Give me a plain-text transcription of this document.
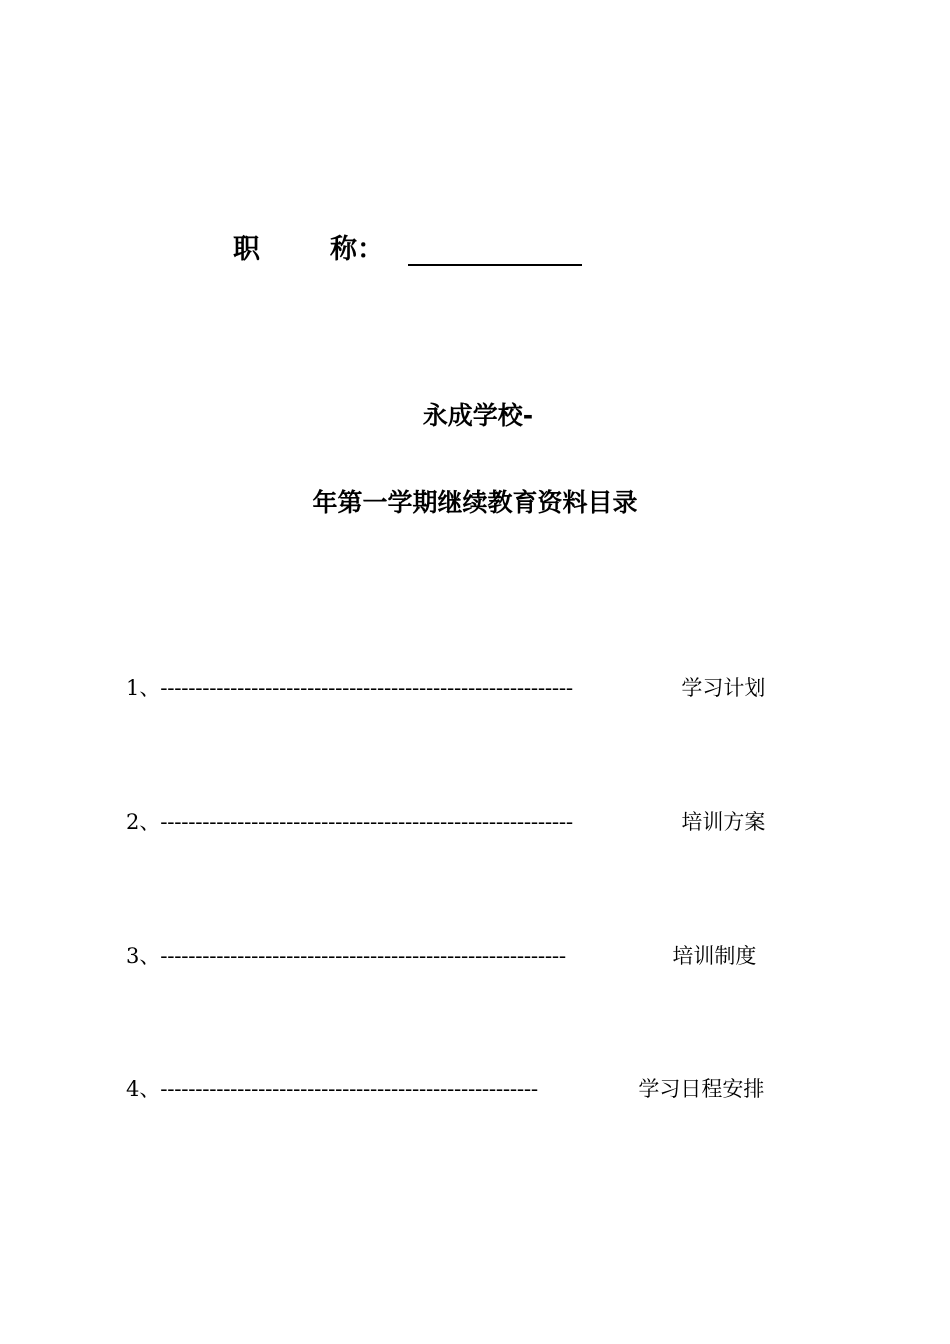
职	称 ：
永成学校-
年第一学期继续教育资料目录
1、 -----------------------------------------------------------	学习计划
2、 -----------------------------------------------------------	培训方案
3、 ----------------------------------------------------------	培训制度
4、 ------------------------------------------------------	学习日程安排
